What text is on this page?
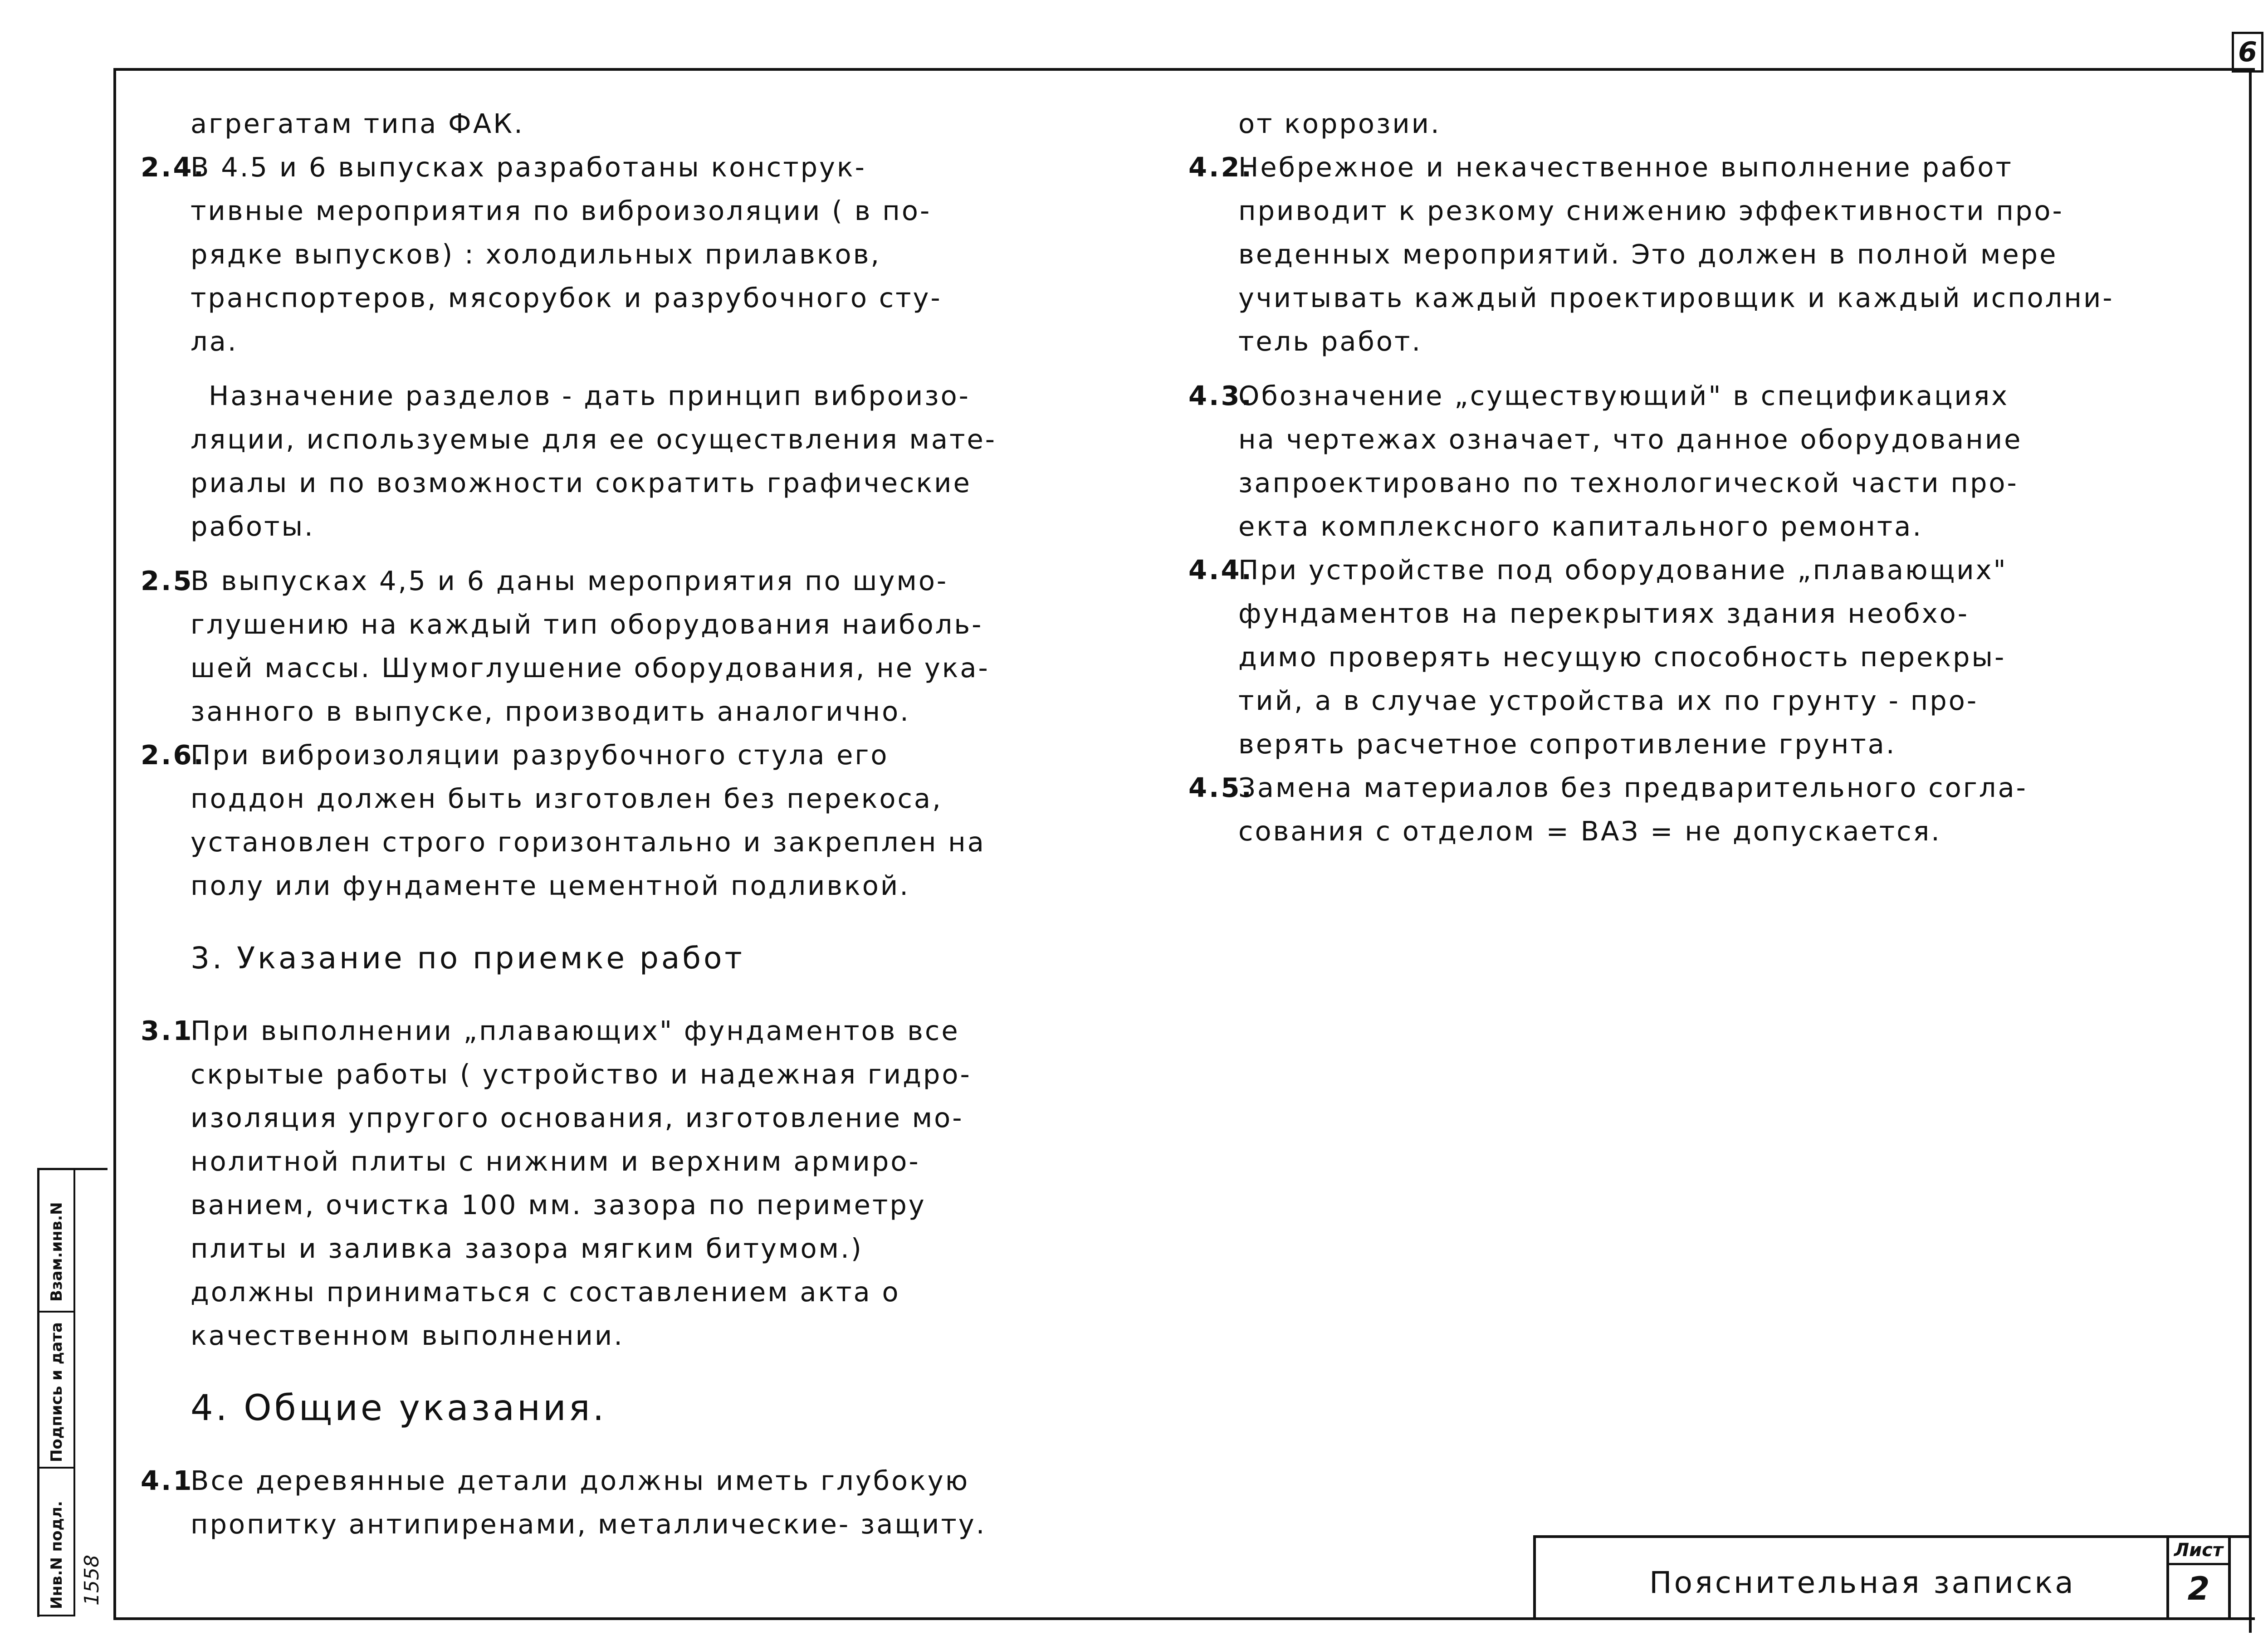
6
агрегатам типа ФАК.
2.4.
В 4.5 и 6 выпусках разработаны конструк-
тивные мероприятия по виброизоляции ( в по-
рядке выпусков) : холодильных прилавков,
транспортеров, мясорубок и разрубочного сту-
ла.
Назначение разделов - дать принцип виброизо-
ляции, используемые для ее осуществления мате-
риалы и по возможности сократить графические
работы.
2.5
В выпусках 4,5 и 6 даны мероприятия по шумо-
глушению на каждый тип оборудования наиболь-
шей массы. Шумоглушение оборудования, не ука-
занного в выпуске, производить аналогично.
2.6.
При виброизоляции разрубочного стула его
поддон должен быть изготовлен без перекоса,
установлен строго горизонтально и закреплен на
полу или фундаменте цементной подливкой.
3. Указание по приемке работ
3.1
При выполнении „плавающих" фундаментов все
скрытые работы ( устройство и надежная гидро-
изоляция упругого основания, изготовление мо-
нолитной плиты с нижним и верхним армиро-
ванием, очистка 100 мм. зазора по периметру
плиты и заливка зазора мягким битумом.)
должны приниматься с составлением акта о
качественном выполнении.
4. Общие указания.
4.1
Все деревянные детали должны иметь глубокую
пропитку антипиренами, металлические- защиту.
от коррозии.
4.2.
Небрежное и некачественное выполнение работ
приводит к резкому снижению эффективности про-
веденных мероприятий. Это должен в полной мере
учитывать каждый проектировщик и каждый исполни-
тель работ.
4.3.
Обозначение „существующий" в спецификациях
на чертежах означает, что данное оборудование
запроектировано по технологической части про-
екта комплексного капитального ремонта.
4.4.
При устройстве под оборудование „плавающих"
фундаментов на перекрытиях здания необхо-
димо проверять несущую способность перекры-
тий, а в случае устройства их по грунту - про-
верять расчетное сопротивление грунта.
4.5.
Замена материалов без предварительного согла-
сования с отделом = ВАЗ = не допускается.
Взам.инв.N
Подпись и дата
Инв.N подл. 1558	Пояснительная записка
Лист
2
